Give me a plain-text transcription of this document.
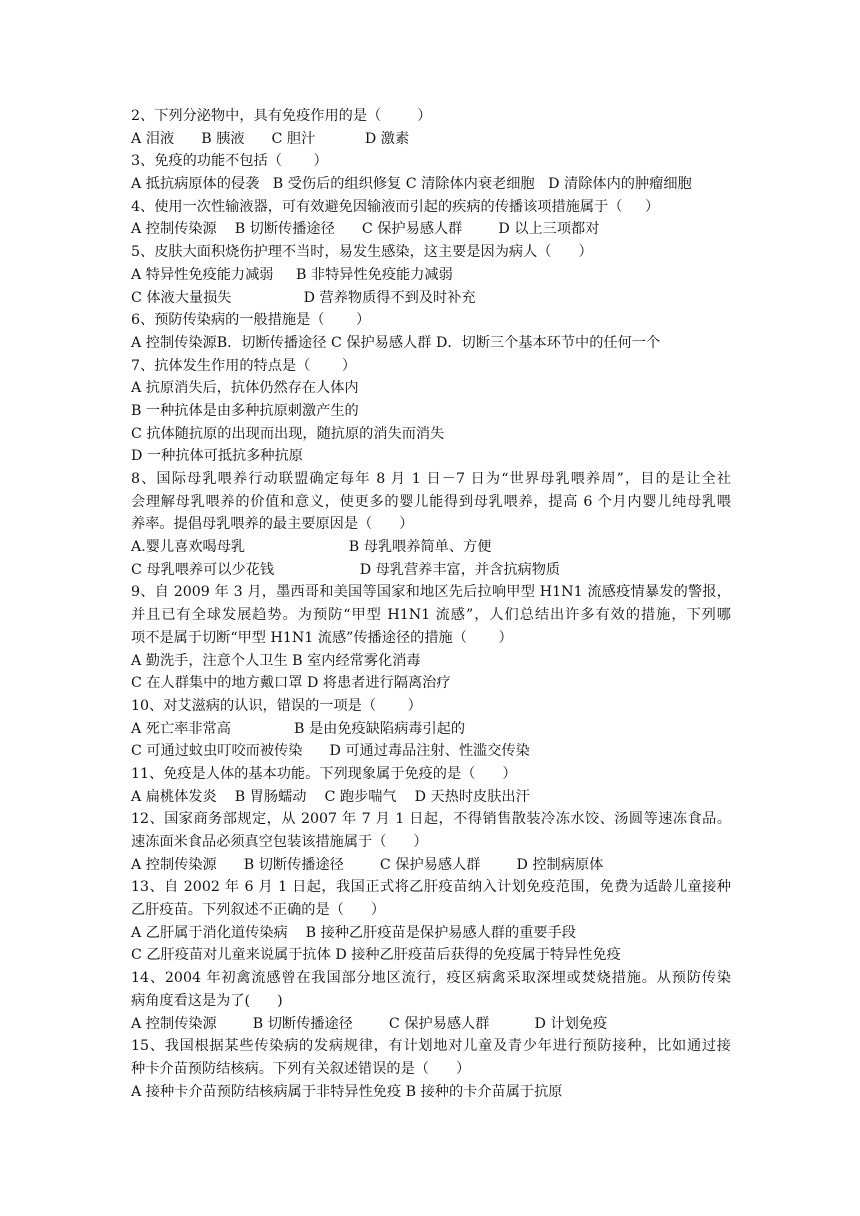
2、下列分泌物中，具有免疫作用的是（        ）
A 泪液      B 胰液      C 胆汁           D 激素
3、免疫的功能不包括（       ）
A 抵抗病原体的侵袭   B 受伤后的组织修复 C 清除体内衰老细胞   D 清除体内的肿瘤细胞
4、使用一次性输液器，可有效避免因输液而引起的疾病的传播该项措施属于（     ）
A 控制传染源    B 切断传播途径      C 保护易感人群        D 以上三项都对
5、皮肤大面积烧伤护理不当时，易发生感染，这主要是因为病人（      ）
A 特异性免疫能力减弱     B 非特异性免疫能力减弱
C 体液大量损失                D 营养物质得不到及时补充
6、预防传染病的一般措施是（       ）
A 控制传染源B．切断传播途径 C 保护易感人群 D．切断三个基本环节中的任何一个
7、抗体发生作用的特点是（       ）
A 抗原消失后，抗体仍然存在人体内
B 一种抗体是由多种抗原刺激产生的
C 抗体随抗原的出现而出现，随抗原的消失而消失
D 一种抗体可抵抗多种抗原
8、国际母乳喂养行动联盟确定每年 8 月 1 日－7 日为“世界母乳喂养周”，目的是让全社
会理解母乳喂养的价值和意义，使更多的婴儿能得到母乳喂养，提高 6 个月内婴儿纯母乳喂
养率。提倡母乳喂养的最主要原因是（      ）
A.婴儿喜欢喝母乳                       B 母乳喂养简单、方便
C 母乳喂养可以少花钱                   D 母乳营养丰富，并含抗病物质
9、自 2009 年 3 月，墨西哥和美国等国家和地区先后拉响甲型 H1N1 流感疫情暴发的警报，
并且已有全球发展趋势。为预防“甲型 H1N1 流感”，人们总结出许多有效的措施，下列哪
项不是属于切断“甲型 H1N1 流感”传播途径的措施（       ）
A 勤洗手，注意个人卫生 B 室内经常雾化消毒
C 在人群集中的地方戴口罩 D 将患者进行隔离治疗
10、对艾滋病的认识，错误的一项是（       ）
A 死亡率非常高              B 是由免疫缺陷病毒引起的
C 可通过蚊虫叮咬而被传染      D 可通过毒品注射、性滥交传染
11、免疫是人体的基本功能。下列现象属于免疫的是（      ）
A 扁桃体发炎    B 胃肠蠕动    C 跑步喘气    D 天热时皮肤出汗
12、国家商务部规定，从 2007 年 7 月 1 日起，不得销售散装冷冻水饺、汤圆等速冻食品。
速冻面米食品必须真空包装该措施属于（      ）
A 控制传染源      B 切断传播途径        C 保护易感人群        D 控制病原体
13、自 2002 年 6 月 1 日起，我国正式将乙肝疫苗纳入计划免疫范围，免费为适龄儿童接种
乙肝疫苗。下列叙述不正确的是（      ）
A 乙肝属于消化道传染病    B 接种乙肝疫苗是保护易感人群的重要手段
C 乙肝疫苗对儿童来说属于抗体 D 接种乙肝疫苗后获得的免疫属于特异性免疫
14、2004 年初禽流感曾在我国部分地区流行，疫区病禽采取深埋或焚烧措施。从预防传染
病角度看这是为了(      )
A 控制传染源        B 切断传播途径        C 保护易感人群          D 计划免疫
15、我国根据某些传染病的发病规律，有计划地对儿童及青少年进行预防接种，比如通过接
种卡介苗预防结核病。下列有关叙述错误的是（      ）
A 接种卡介苗预防结核病属于非特异性免疫 B 接种的卡介苗属于抗原
